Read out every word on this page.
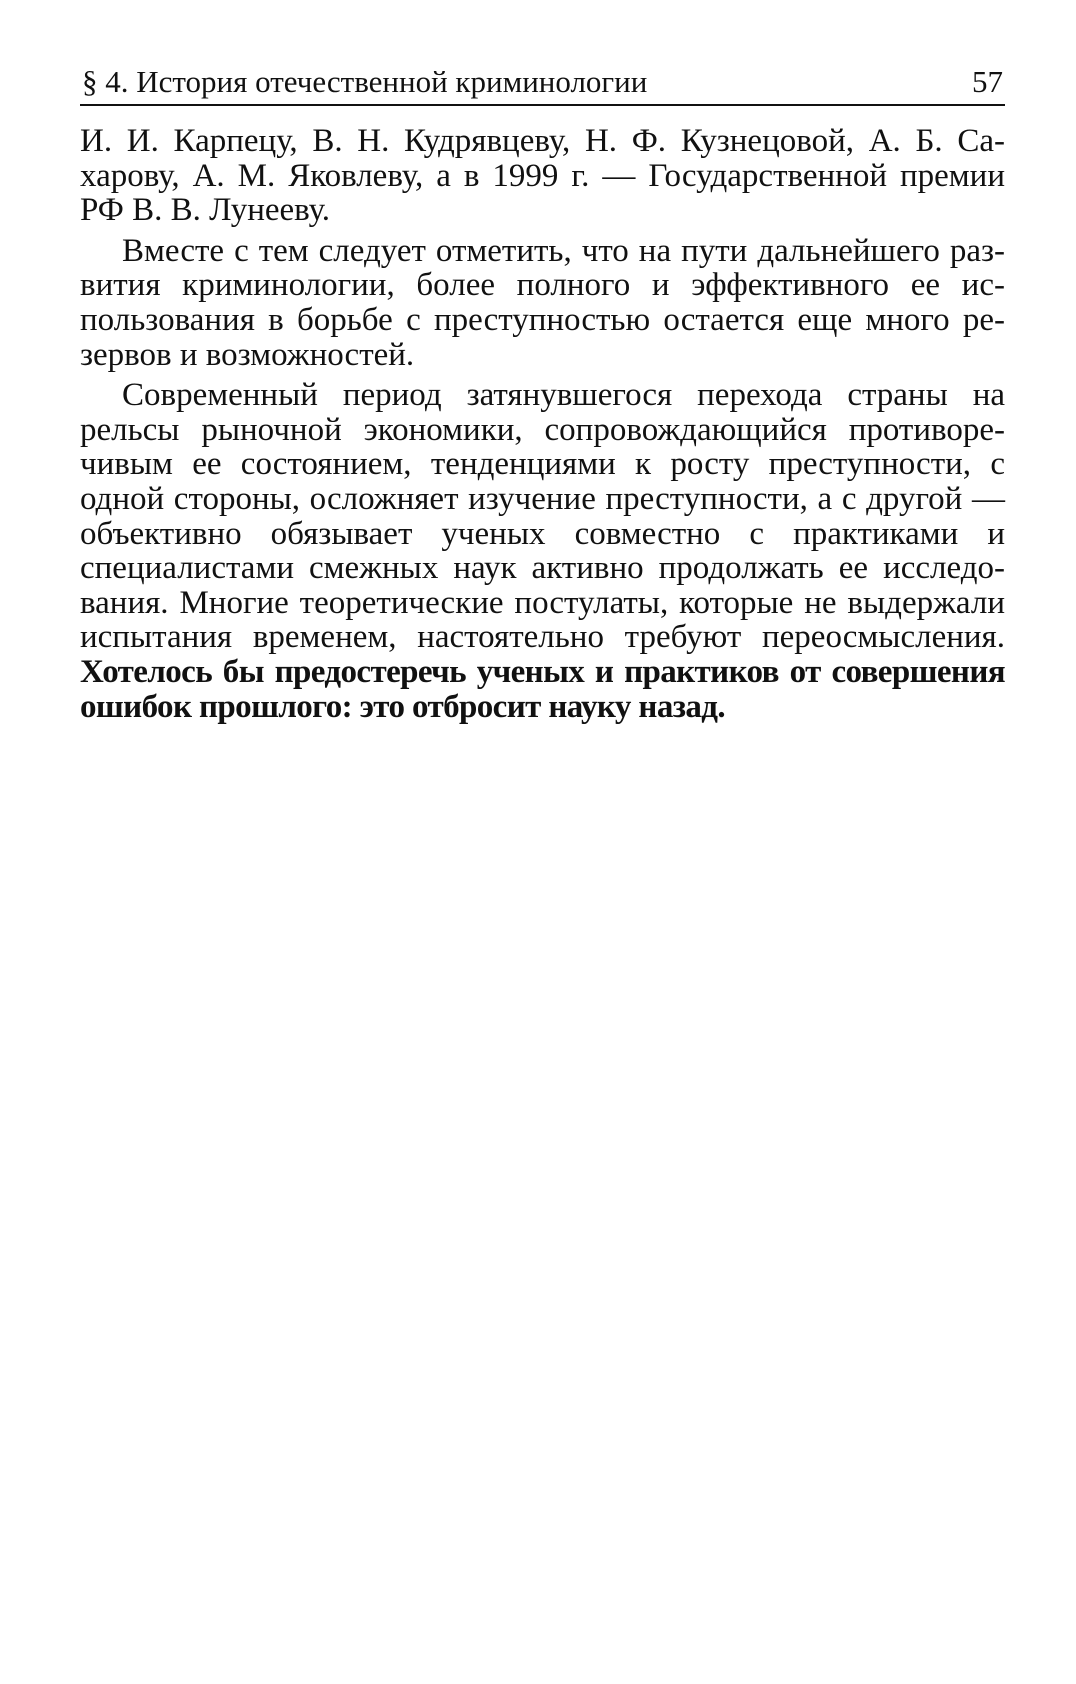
§ 4. История отечественной криминологии	57

И. И. Карпецу, В. Н. Кудрявцеву, Н. Ф. Кузнецовой, А. Б. Сахарову, А. М. Яковлеву, а в 1999 г. — Государственной премии РФ В. В. Лунееву.

Вместе с тем следует отметить, что на пути дальнейшего развития криминологии, более полного и эффективного ее использования в борьбе с преступностью остается еще много резервов и возможностей.

Современный период затянувшегося перехода страны на рельсы рыночной экономики, сопровождающийся противоречивым ее состоянием, тенденциями к росту преступности, с одной стороны, осложняет изучение преступности, а с другой — объективно обязывает ученых совместно с практиками и специалистами смежных наук активно продолжать ее исследования. Многие теоретические постулаты, которые не выдержали испытания временем, настоятельно требуют переосмысления. Хотелось бы предостеречь ученых и практиков от совершения ошибок прошлого: это отбросит науку назад.
